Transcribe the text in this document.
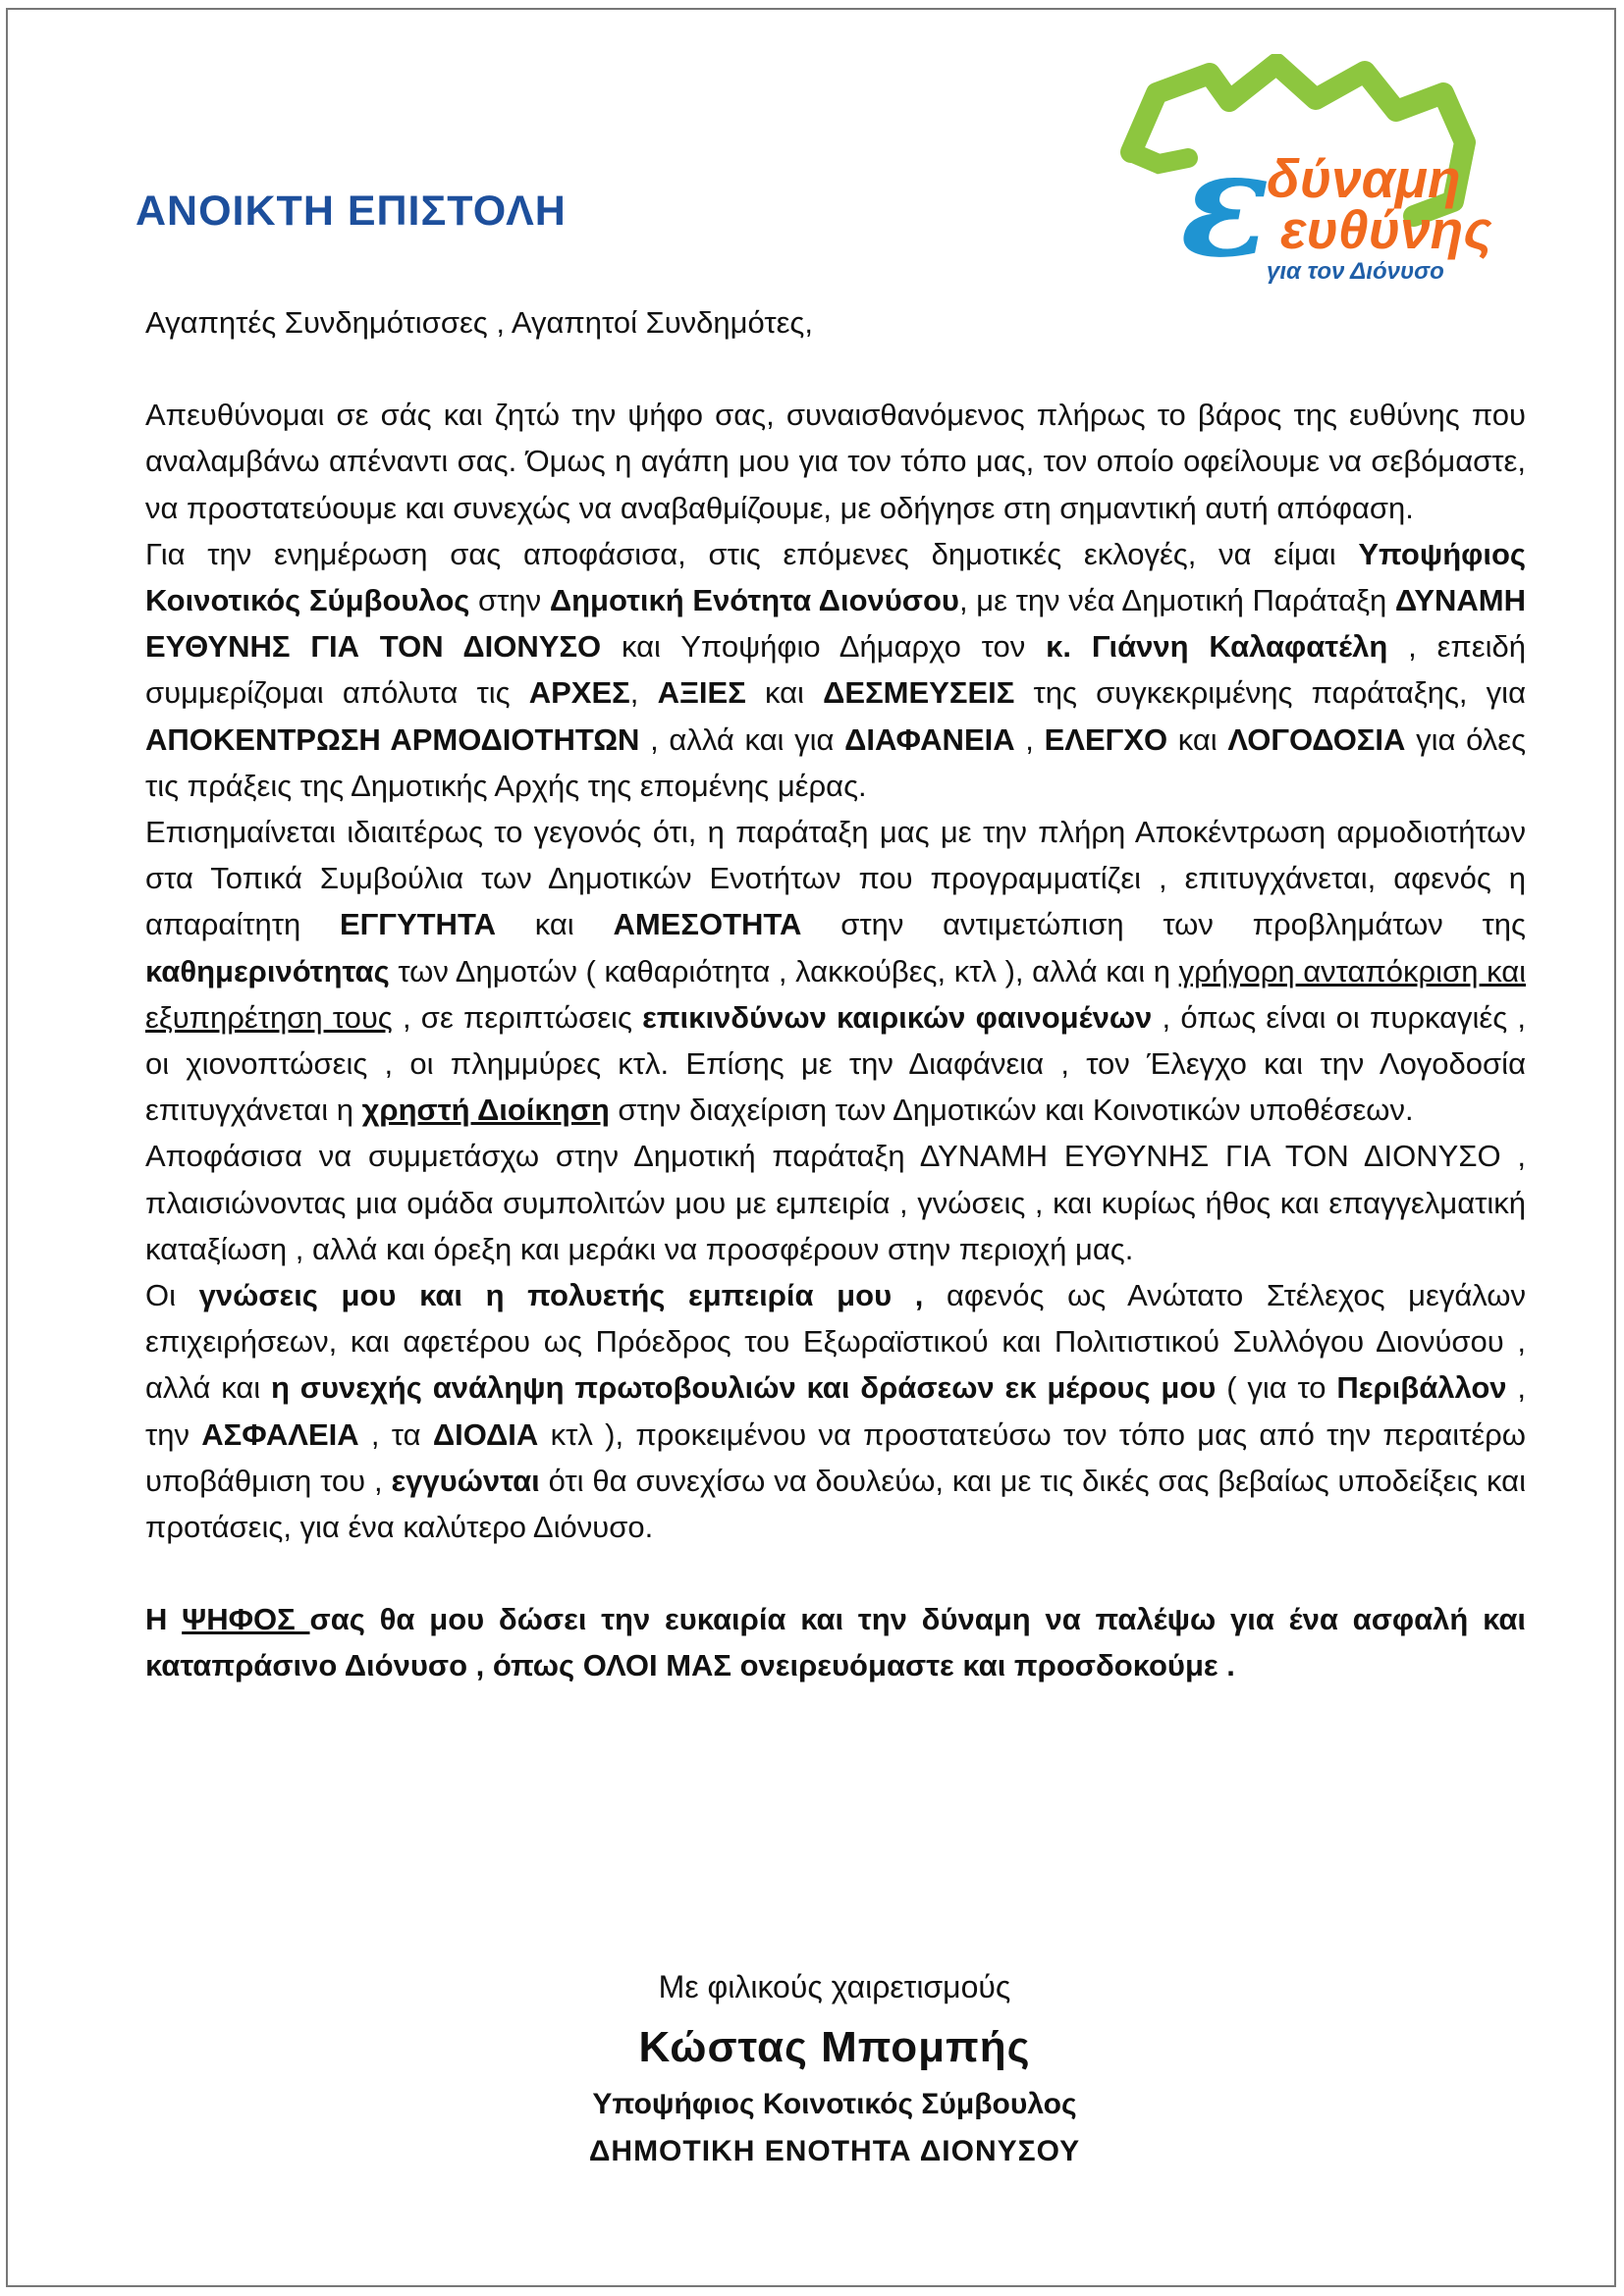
ΑΝΟΙΚΤΗ ΕΠΙΣΤΟΛΗ	ε
δύναμη
ευθύνης
για τον Διόνυσο

Αγαπητές Συνδημότισσες , Αγαπητοί Συνδημότες,

Απευθύνομαι σε σάς και ζητώ την ψήφο σας, συναισθανόμενος πλήρως το βάρος της ευθύνης που αναλαμβάνω απέναντι σας. Όμως η αγάπη μου για τον τόπο μας, τον οποίο οφείλουμε να σεβόμαστε, να προστατεύουμε και συνεχώς να αναβαθμίζουμε, με οδήγησε στη σημαντική αυτή απόφαση.

Για την ενημέρωση σας αποφάσισα, στις επόμενες δημοτικές εκλογές, να είμαι Υποψήφιος Κοινοτικός Σύμβουλος στην Δημοτική Ενότητα Διονύσου, με την νέα Δημοτική Παράταξη ΔΥΝΑΜΗ ΕΥΘΥΝΗΣ ΓΙΑ ΤΟΝ ΔΙΟΝΥΣΟ και Υποψήφιο Δήμαρχο τον κ. Γιάννη Καλαφατέλη , επειδή συμμερίζομαι απόλυτα τις ΑΡΧΕΣ, ΑΞΙΕΣ και ΔΕΣΜΕΥΣΕΙΣ της συγκεκριμένης παράταξης, για ΑΠΟΚΕΝΤΡΩΣΗ ΑΡΜΟΔΙΟΤΗΤΩΝ , αλλά και για ΔΙΑΦΑΝΕΙΑ , ΕΛΕΓΧΟ και ΛΟΓΟΔΟΣΙΑ για όλες τις πράξεις της Δημοτικής Αρχής της επομένης μέρας.

Επισημαίνεται ιδιαιτέρως το γεγονός ότι, η παράταξη μας με την πλήρη Αποκέντρωση αρμοδιοτήτων στα Τοπικά Συμβούλια των Δημοτικών Ενοτήτων που προγραμματίζει , επιτυγχάνεται, αφενός η απαραίτητη ΕΓΓΥΤΗΤΑ και ΑΜΕΣΟΤΗΤΑ στην αντιμετώπιση των προβλημάτων της καθημερινότητας των Δημοτών ( καθαριότητα , λακκούβες, κτλ ), αλλά και η γρήγορη ανταπόκριση και εξυπηρέτηση τους , σε περιπτώσεις επικινδύνων καιρικών φαινομένων , όπως είναι οι πυρκαγιές , οι χιονοπτώσεις , οι πλημμύρες κτλ. Επίσης με την Διαφάνεια , τον Έλεγχο και την Λογοδοσία επιτυγχάνεται η χρηστή Διοίκηση στην διαχείριση των Δημοτικών και Κοινοτικών υποθέσεων.

Αποφάσισα να συμμετάσχω στην Δημοτική παράταξη ΔΥΝΑΜΗ ΕΥΘΥΝΗΣ ΓΙΑ ΤΟΝ ΔΙΟΝΥΣΟ , πλαισιώνοντας μια ομάδα συμπολιτών μου με εμπειρία , γνώσεις , και κυρίως ήθος και επαγγελματική καταξίωση , αλλά και όρεξη και μεράκι να προσφέρουν στην περιοχή μας.

Οι γνώσεις μου και η πολυετής εμπειρία μου , αφενός ως Ανώτατο Στέλεχος μεγάλων επιχειρήσεων, και αφετέρου ως Πρόεδρος του Εξωραϊστικού και Πολιτιστικού Συλλόγου Διονύσου , αλλά και η συνεχής ανάληψη πρωτοβουλιών και δράσεων εκ μέρους μου ( για το Περιβάλλον , την ΑΣΦΑΛΕΙΑ , τα ΔΙΟΔΙΑ κτλ ), προκειμένου να προστατεύσω τον τόπο μας από την περαιτέρω υποβάθμιση του , εγγυώνται ότι θα συνεχίσω να δουλεύω, και με τις δικές σας βεβαίως υποδείξεις και προτάσεις, για ένα καλύτερο Διόνυσο.

Η ΨΗΦΟΣ σας θα μου δώσει την ευκαιρία και την δύναμη να παλέψω για ένα ασφαλή και καταπράσινο Διόνυσο , όπως ΟΛΟΙ ΜΑΣ ονειρευόμαστε και προσδοκούμε .

Με φιλικούς χαιρετισμούς
Κώστας Μπομπής
Υποψήφιος Κοινοτικός Σύμβουλος
ΔΗΜΟΤΙΚΗ ΕΝΟΤΗΤΑ ΔΙΟΝΥΣΟΥ
